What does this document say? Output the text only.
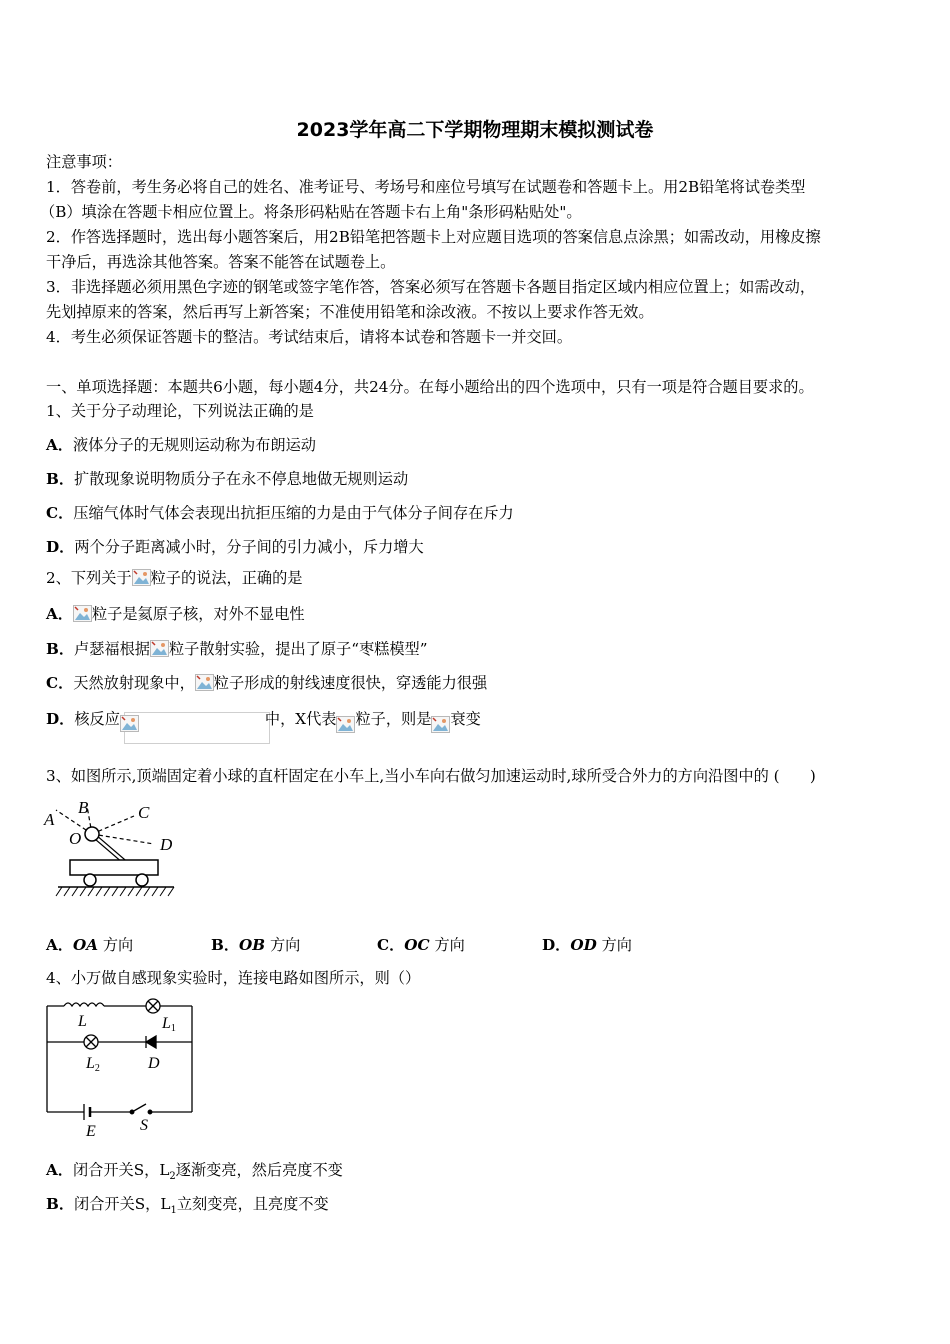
2023学年高二下学期物理期末模拟测试卷
注意事项：
1．答卷前，考生务必将自己的姓名、准考证号、考场号和座位号填写在试题卷和答题卡上。用2B铅笔将试卷类型
（B）填涂在答题卡相应位置上。将条形码粘贴在答题卡右上角"条形码粘贴处"。
2．作答选择题时，选出每小题答案后，用2B铅笔把答题卡上对应题目选项的答案信息点涂黑；如需改动，用橡皮擦
干净后，再选涂其他答案。答案不能答在试题卷上。
3．非选择题必须用黑色字迹的钢笔或签字笔作答，答案必须写在答题卡各题目指定区域内相应位置上；如需改动，
先划掉原来的答案，然后再写上新答案；不准使用铅笔和涂改液。不按以上要求作答无效。
4．考生必须保证答题卡的整洁。考试结束后，请将本试卷和答题卡一并交回。
一、单项选择题：本题共6小题，每小题4分，共24分。在每小题给出的四个选项中，只有一项是符合题目要求的。
1、关于分子动理论，下列说法正确的是
A．液体分子的无规则运动称为布朗运动
B．扩散现象说明物质分子在永不停息地做无规则运动
C．压缩气体时气体会表现出抗拒压缩的力是由于气体分子间存在斥力
D．两个分子距离减小时，分子间的引力减小，斥力增大
2、下列关于 粒子的说法，正确的是
A． 粒子是氦原子核，对外不显电性
B．卢瑟福根据 粒子散射实验，提出了原子“枣糕模型”
C．天然放射现象中， 粒子形成的射线速度很快，穿透能力很强
D．核反应	中，X代表 粒子，则是 衰变
3、如图所示,顶端固定着小球的直杆固定在小车上,当小车向右做匀加速运动时,球所受合外力的方向沿图中的 (　　)
A
B	C
D
O
A．OA 方向	B．OB 方向	C．OC 方向	D．OD 方向
4、小万做自感现象实验时，连接电路如图所示，则（）
L	L1
L2	D
E	S
A．闭合开关S，$L_2$逐渐变亮，然后亮度不变
B．闭合开关S，$L_1$立刻变亮，且亮度不变
